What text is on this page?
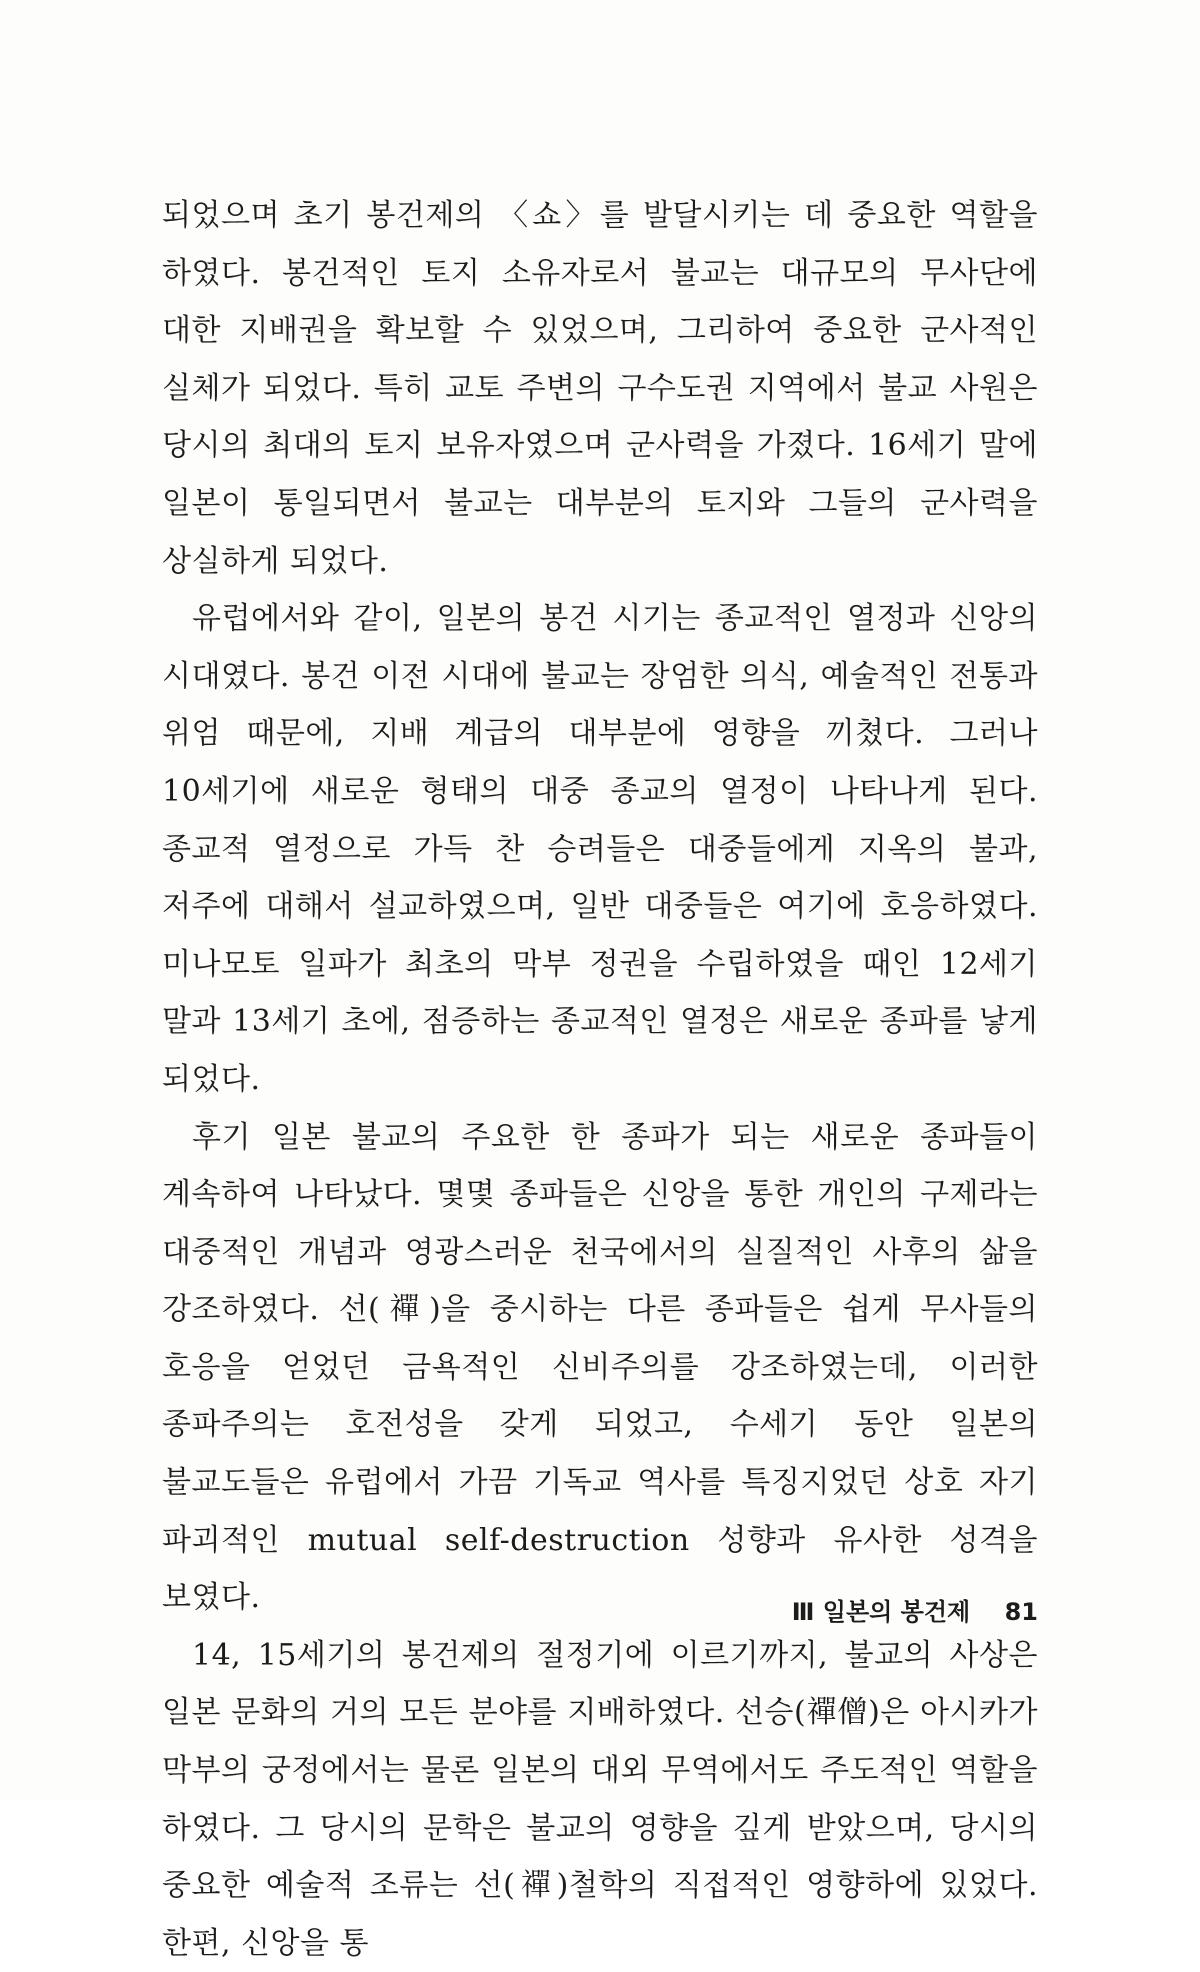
되었으며 초기 봉건제의 〈쇼〉를 발달시키는 데 중요한 역할을 하였다. 봉건적인 토지 소유자로서 불교는 대규모의 무사단에 대한 지배권을 확보할 수 있었으며, 그리하여 중요한 군사적인 실체가 되었다. 특히 교토 주변의 구수도권 지역에서 불교 사원은 당시의 최대의 토지 보유자였으며 군사력을 가졌다. 16세기 말에 일본이 통일되면서 불교는 대부분의 토지와 그들의 군사력을 상실하게 되었다.

유럽에서와 같이, 일본의 봉건 시기는 종교적인 열정과 신앙의 시대였다. 봉건 이전 시대에 불교는 장엄한 의식, 예술적인 전통과 위엄 때문에, 지배 계급의 대부분에 영향을 끼쳤다. 그러나 10세기에 새로운 형태의 대중 종교의 열정이 나타나게 된다. 종교적 열정으로 가득 찬 승려들은 대중들에게 지옥의 불과, 저주에 대해서 설교하였으며, 일반 대중들은 여기에 호응하였다. 미나모토 일파가 최초의 막부 정권을 수립하였을 때인 12세기 말과 13세기 초에, 점증하는 종교적인 열정은 새로운 종파를 낳게 되었다.

후기 일본 불교의 주요한 한 종파가 되는 새로운 종파들이 계속하여 나타났다. 몇몇 종파들은 신앙을 통한 개인의 구제라는 대중적인 개념과 영광스러운 천국에서의 실질적인 사후의 삶을 강조하였다. 선(禪)을 중시하는 다른 종파들은 쉽게 무사들의 호응을 얻었던 금욕적인 신비주의를 강조하였는데, 이러한 종파주의는 호전성을 갖게 되었고, 수세기 동안 일본의 불교도들은 유럽에서 가끔 기독교 역사를 특징지었던 상호 자기 파괴적인 mutual self-destruction 성향과 유사한 성격을 보였다.

14, 15세기의 봉건제의 절정기에 이르기까지, 불교의 사상은 일본 문화의 거의 모든 분야를 지배하였다. 선승(禪僧)은 아시카가 막부의 궁정에서는 물론 일본의 대외 무역에서도 주도적인 역할을 하였다. 그 당시의 문학은 불교의 영향을 깊게 받았으며, 당시의 중요한 예술적 조류는 선(禪)철학의 직접적인 영향하에 있었다. 한편, 신앙을 통

Ⅲ 일본의 봉건제 81
